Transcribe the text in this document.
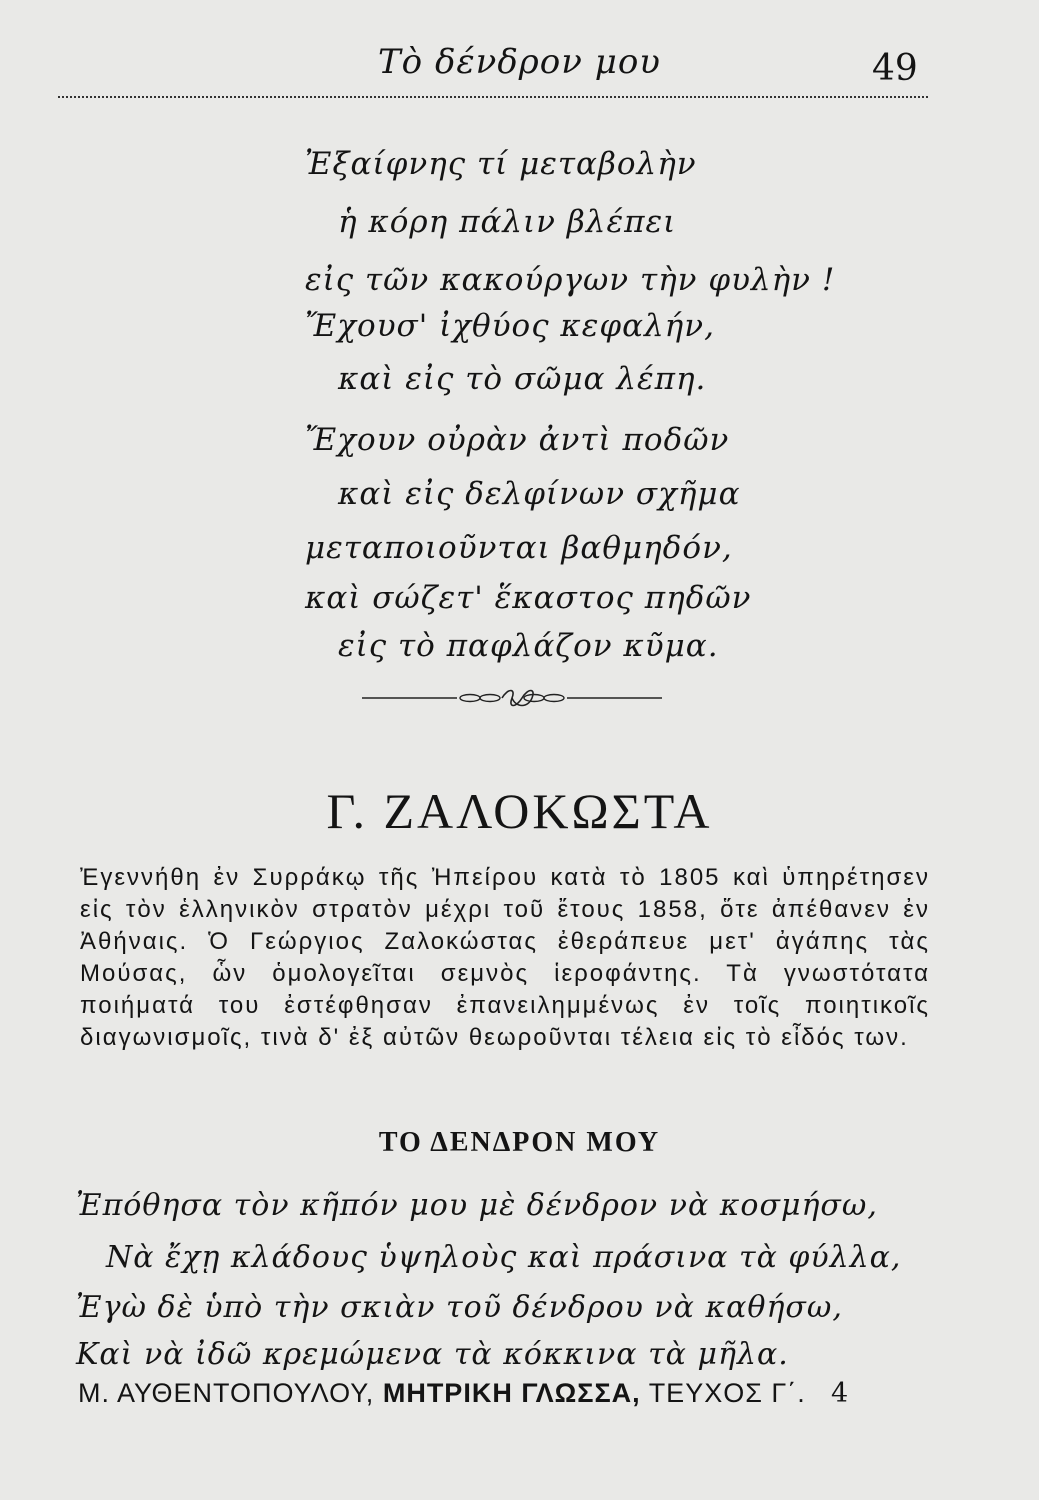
Τὸ δένδρον μου	49
Ἐξαίφνης τί μεταβολὴν
ἡ κόρη πάλιν βλέπει
εἰς τῶν κακούργων τὴν φυλὴν !
Ἔχουσ' ἰχθύος κεφαλήν,
καὶ εἰς τὸ σῶμα λέπη.
Ἔχουν οὐρὰν ἀντὶ ποδῶν
καὶ εἰς δελφίνων σχῆμα
μεταποιοῦνται βαθμηδόν,
καὶ σώζετ' ἕκαστος πηδῶν
εἰς τὸ παφλάζον κῦμα.
Γ. ΖΑΛΟΚΩΣΤΑ
Ἐγεννήθη ἐν Συρράκῳ τῆς Ἠπείρου κατὰ τὸ 1805 καὶ ὑπηρέτησεν εἰς τὸν ἑλληνικὸν στρατὸν μέχρι τοῦ ἔτους 1858, ὅτε ἀπέθανεν ἐν Ἀθήναις. Ὁ Γεώργιος Ζαλοκώστας ἐθεράπευε μετ' ἀγάπης τὰς Μούσας, ὧν ὁμολογεῖται σεμνὸς ἱεροφάντης. Τὰ γνωστότατα ποιήματά του ἐστέφθησαν ἐπανειλημμένως ἐν τοῖς ποιητικοῖς διαγωνισμοῖς, τινὰ δ' ἐξ αὐτῶν θεωροῦνται τέλεια εἰς τὸ εἶδός των.
ΤΟ ΔΕΝΔΡΟΝ ΜΟΥ
Ἐπόθησα τὸν κῆπόν μου μὲ δένδρον νὰ κοσμήσω,
Νὰ ἔχῃ κλάδους ὑψηλοὺς καὶ πράσινα τὰ φύλλα,
Ἐγὼ δὲ ὑπὸ τὴν σκιὰν τοῦ δένδρου νὰ καθήσω,
Καὶ νὰ ἰδῶ κρεμώμενα τὰ κόκκινα τὰ μῆλα.
Μ. ΑΥΘΕΝΤΟΠΟΥΛΟΥ, ΜΗΤΡΙΚΗ ΓΛΩΣΣΑ, ΤΕΥΧΟΣ Γ΄. 4
